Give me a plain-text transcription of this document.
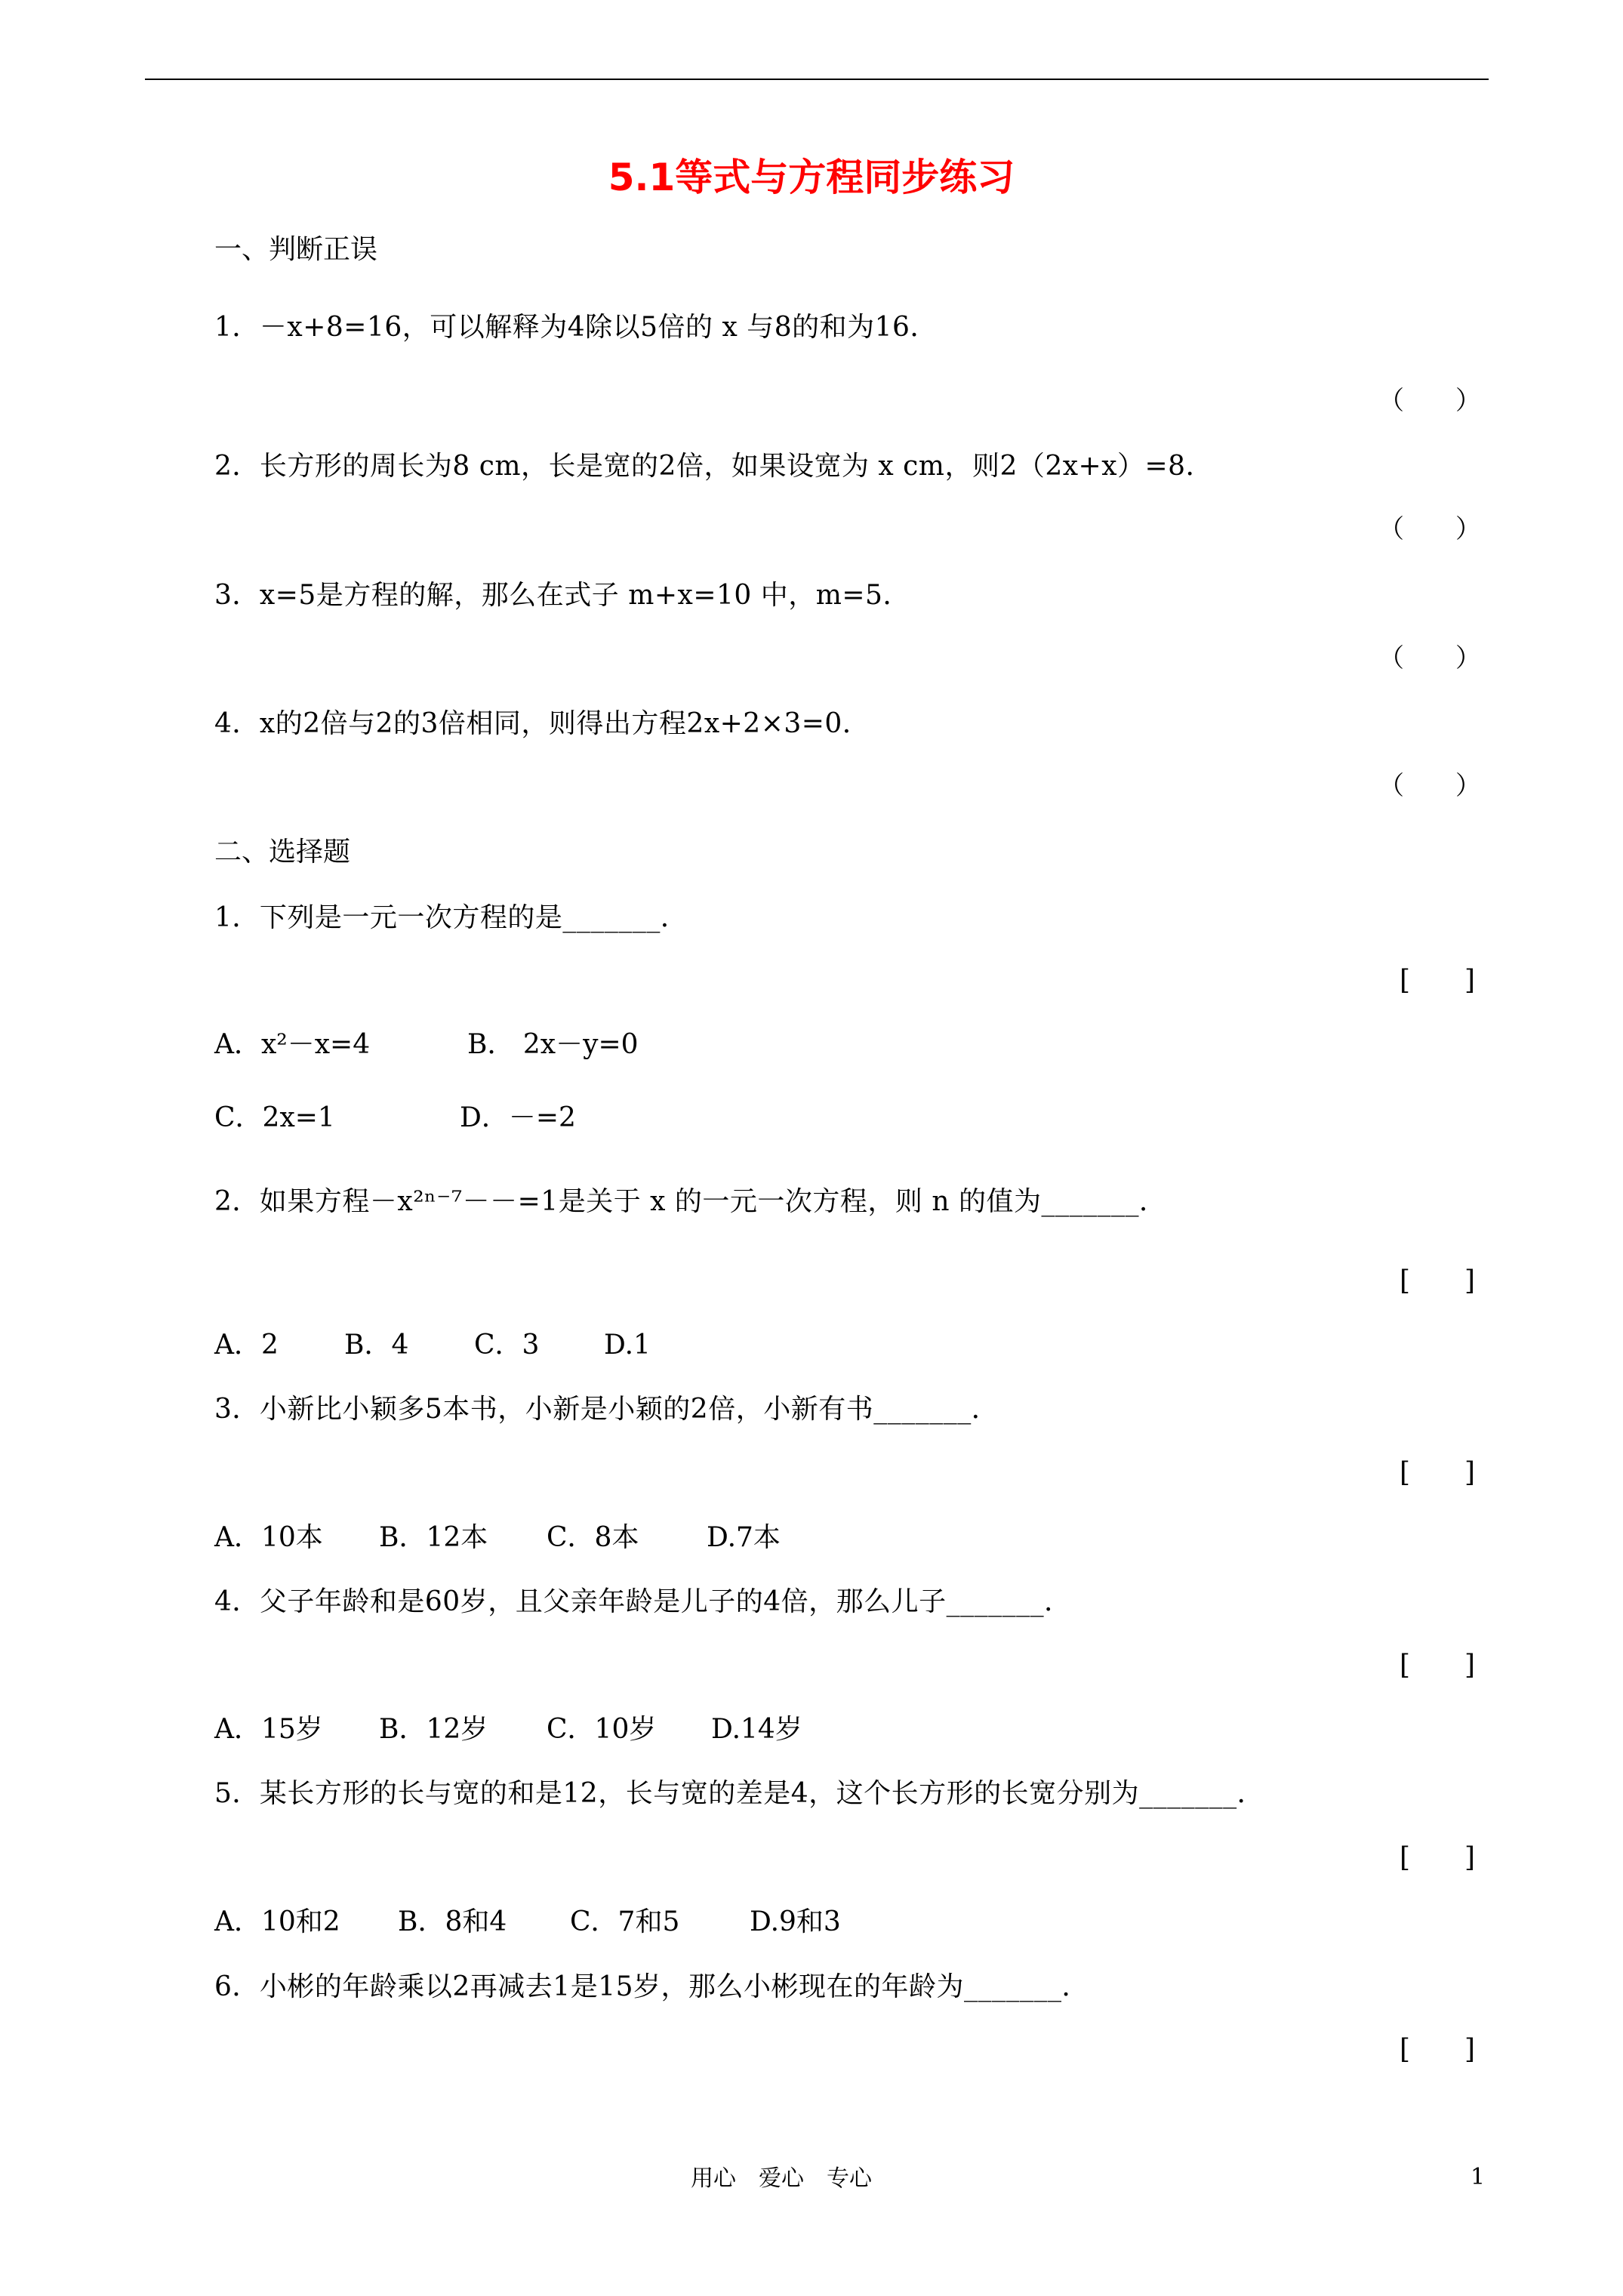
5.1等式与方程同步练习
一、判断正误
1．－x+8=16，可以解释为4除以5倍的 x 与8的和为16．
（　　）
2．长方形的周长为8 cm，长是宽的2倍，如果设宽为 x cm，则2（2x+x）=8．
（　　）
3．x=5是方程的解，那么在式子 m+x=10 中，m=5．
（　　）
4．x的2倍与2的3倍相同，则得出方程2x+2×3=0．
（　　）
二、选择题
1．下列是一元一次方程的是_______．
[　　]
A．x²－x=4	B． 2x－y=0
C．2x=1	D．－=2
2．如果方程－x²ⁿ⁻⁷－－=1是关于 x 的一元一次方程，则 n 的值为_______．
[　　]
A．2 B．4 C．3 D.1
3．小新比小颖多5本书，小新是小颖的2倍，小新有书_______．
[　　]
A．10本 B．12本 C．8本 D.7本
4．父子年龄和是60岁，且父亲年龄是儿子的4倍，那么儿子_______．
[　　]
A．15岁 B．12岁 C．10岁 D.14岁
5．某长方形的长与宽的和是12，长与宽的差是4，这个长方形的长宽分别为_______．
[　　]
A．10和2 B．8和4 C．7和5	D.9和3
6．小彬的年龄乘以2再减去1是15岁，那么小彬现在的年龄为_______．
[　　]
用心　爱心　专心	1
